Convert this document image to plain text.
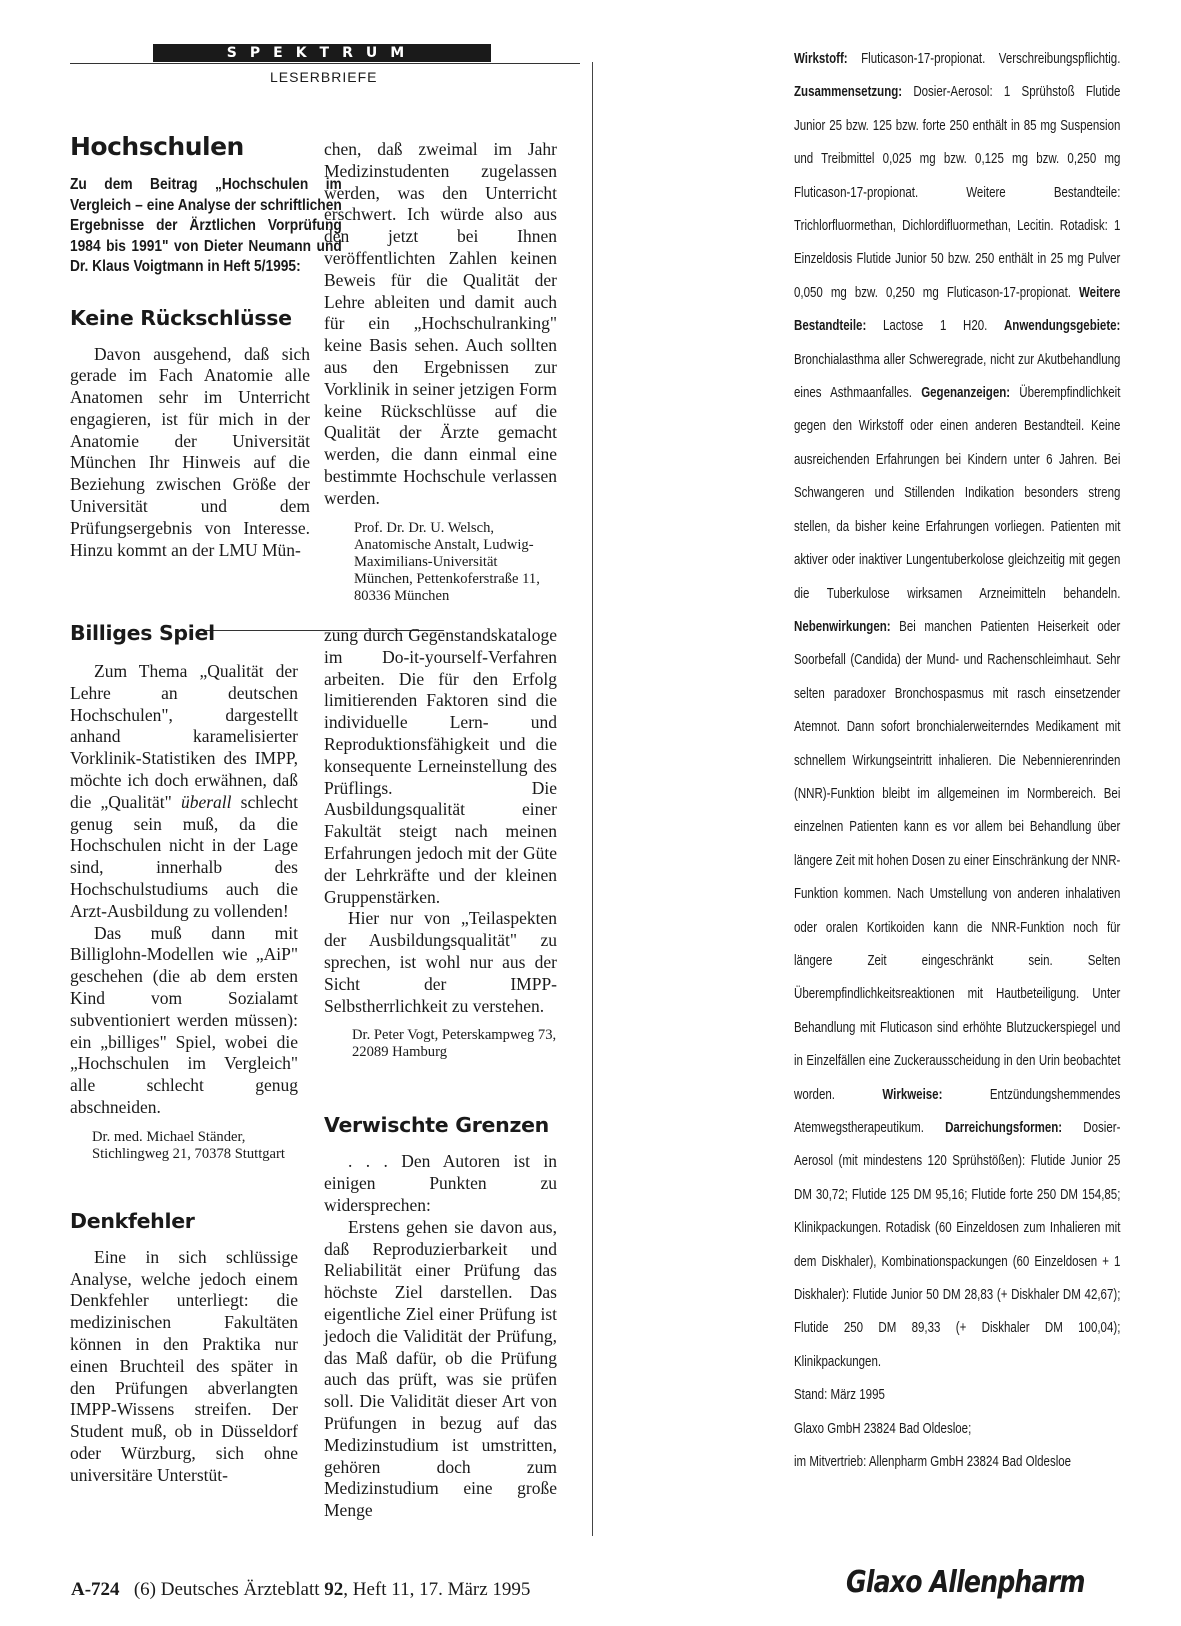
SPEKTRUM
LESERBRIEFE
Hochschulen
Zu dem Beitrag „Hochschulen im Vergleich – eine Analyse der schriftlichen Ergebnisse der Ärztlichen Vorprüfung 1984 bis 1991" von Dieter Neumann und Dr. Klaus Voigtmann in Heft 5/1995:
Keine Rückschlüsse

Davon ausgehend, daß sich gerade im Fach Anatomie alle Anatomen sehr im Unterricht engagieren, ist für mich in der Anatomie der Universität München Ihr Hinweis auf die Beziehung zwischen Größe der Universität und dem Prüfungsergebnis von Interesse. Hinzu kommt an der LMU Mün-

chen, daß zweimal im Jahr Medizinstudenten zugelassen werden, was den Unterricht erschwert. Ich würde also aus den jetzt bei Ihnen veröffentlichten Zahlen keinen Beweis für die Qualität der Lehre ableiten und damit auch für ein „Hochschulranking" keine Basis sehen. Auch sollten aus den Ergebnissen zur Vorklinik in seiner jetzigen Form keine Rückschlüsse auf die Qualität der Ärzte gemacht werden, die dann einmal eine bestimmte Hochschule verlassen werden.

Prof. Dr. Dr. U. Welsch, Anatomische Anstalt, Ludwig-Maximilians-Universität München, Pettenkoferstraße 11, 80336 München

Billiges Spiel

Zum Thema „Qualität der Lehre an deutschen Hochschulen", dargestellt anhand karamelisierter Vorklinik-Statistiken des IMPP, möchte ich doch erwähnen, daß die „Qualität" überall schlecht genug sein muß, da die Hochschulen nicht in der Lage sind, innerhalb des Hochschulstudiums auch die Arzt-Ausbildung zu vollenden!

Das muß dann mit Billiglohn-Modellen wie „AiP" geschehen (die ab dem ersten Kind vom Sozialamt subventioniert werden müssen): ein „billiges" Spiel, wobei die „Hochschulen im Vergleich" alle schlecht genug abschneiden.

Dr. med. Michael Ständer, Stichlingweg 21, 70378 Stuttgart

Denkfehler

Eine in sich schlüssige Analyse, welche jedoch einem Denkfehler unterliegt: die medizinischen Fakultäten können in den Praktika nur einen Bruchteil des später in den Prüfungen abverlangten IMPP-Wissens streifen. Der Student muß, ob in Düsseldorf oder Würzburg, sich ohne universitäre Unterstüt-

zung durch Gegenstandskataloge im Do-it-yourself-Verfahren arbeiten. Die für den Erfolg limitierenden Faktoren sind die individuelle Lern- und Reproduktionsfähigkeit und die konsequente Lerneinstellung des Prüflings. Die Ausbildungsqualität einer Fakultät steigt nach meinen Erfahrungen jedoch mit der Güte der Lehrkräfte und der kleinen Gruppenstärken.

Hier nur von „Teilaspekten der Ausbildungsqualität" zu sprechen, ist wohl nur aus der Sicht der IMPP-Selbstherrlichkeit zu verstehen.

Dr. Peter Vogt, Peterskampweg 73, 22089 Hamburg

Verwischte Grenzen

. . . Den Autoren ist in einigen Punkten zu widersprechen:

Erstens gehen sie davon aus, daß Reproduzierbarkeit und Reliabilität einer Prüfung das höchste Ziel darstellen. Das eigentliche Ziel einer Prüfung ist jedoch die Validität der Prüfung, das Maß dafür, ob die Prüfung auch das prüft, was sie prüfen soll. Die Validität dieser Art von Prüfungen in bezug auf das Medizinstudium ist umstritten, gehören doch zum Medizinstudium eine große Menge

Wirkstoff: Fluticason-17-propionat. Verschreibungspflichtig. Zusammensetzung: Dosier-Aerosol: 1 Sprühstoß Flutide Junior 25 bzw. 125 bzw. forte 250 enthält in 85 mg Suspension und Treibmittel 0,025 mg bzw. 0,125 mg bzw. 0,250 mg Fluticason-17-propionat. Weitere Bestandteile: Trichlorfluormethan, Dichlordifluormethan, Lecitin. Rotadisk: 1 Einzeldosis Flutide Junior 50 bzw. 250 enthält in 25 mg Pulver 0,050 mg bzw. 0,250 mg Fluticason-17-propionat. Weitere Bestandteile: Lactose 1 H20. Anwendungsgebiete: Bronchialasthma aller Schweregrade, nicht zur Akutbehandlung eines Asthmaanfalles. Gegenanzeigen: Überempfindlichkeit gegen den Wirkstoff oder einen anderen Bestandteil. Keine ausreichenden Erfahrungen bei Kindern unter 6 Jahren. Bei Schwangeren und Stillenden Indikation besonders streng stellen, da bisher keine Erfahrungen vorliegen. Patienten mit aktiver oder inaktiver Lungentuberkolose gleichzeitig mit gegen die Tuberkulose wirksamen Arzneimitteln behandeln. Nebenwirkungen: Bei manchen Patienten Heiserkeit oder Soorbefall (Candida) der Mund- und Rachenschleimhaut. Sehr selten paradoxer Bronchospasmus mit rasch einsetzender Atemnot. Dann sofort bronchialerweiterndes Medikament mit schnellem Wirkungseintritt inhalieren. Die Nebennierenrinden (NNR)-Funktion bleibt im allgemeinen im Normbereich. Bei einzelnen Patienten kann es vor allem bei Behandlung über längere Zeit mit hohen Dosen zu einer Einschränkung der NNR-Funktion kommen. Nach Umstellung von anderen inhalativen oder oralen Kortikoiden kann die NNR-Funktion noch für längere Zeit eingeschränkt sein. Selten Überempfindlichkeitsreaktionen mit Hautbeteiligung. Unter Behandlung mit Fluticason sind erhöhte Blutzuckerspiegel und in Einzelfällen eine Zuckerausscheidung in den Urin beobachtet worden. Wirkweise: Entzündungshemmendes Atemwegstherapeutikum. Darreichungsformen: Dosier-Aerosol (mit mindestens 120 Sprühstößen): Flutide Junior 25 DM 30,72; Flutide 125 DM 95,16; Flutide forte 250 DM 154,85; Klinikpackungen. Rotadisk (60 Einzeldosen zum Inhalieren mit dem Diskhaler), Kombinationspackungen (60 Einzeldosen + 1 Diskhaler): Flutide Junior 50 DM 28,83 (+ Diskhaler DM 42,67); Flutide 250 DM 89,33 (+ Diskhaler DM 100,04); Klinikpackungen.
Stand: März 1995
Glaxo GmbH 23824 Bad Oldesloe;
im Mitvertrieb: Allenpharm GmbH 23824 Bad Oldesloe
Glaxo Allenpharm
A-724 (6) Deutsches Ärzteblatt 92, Heft 11, 17. März 1995
